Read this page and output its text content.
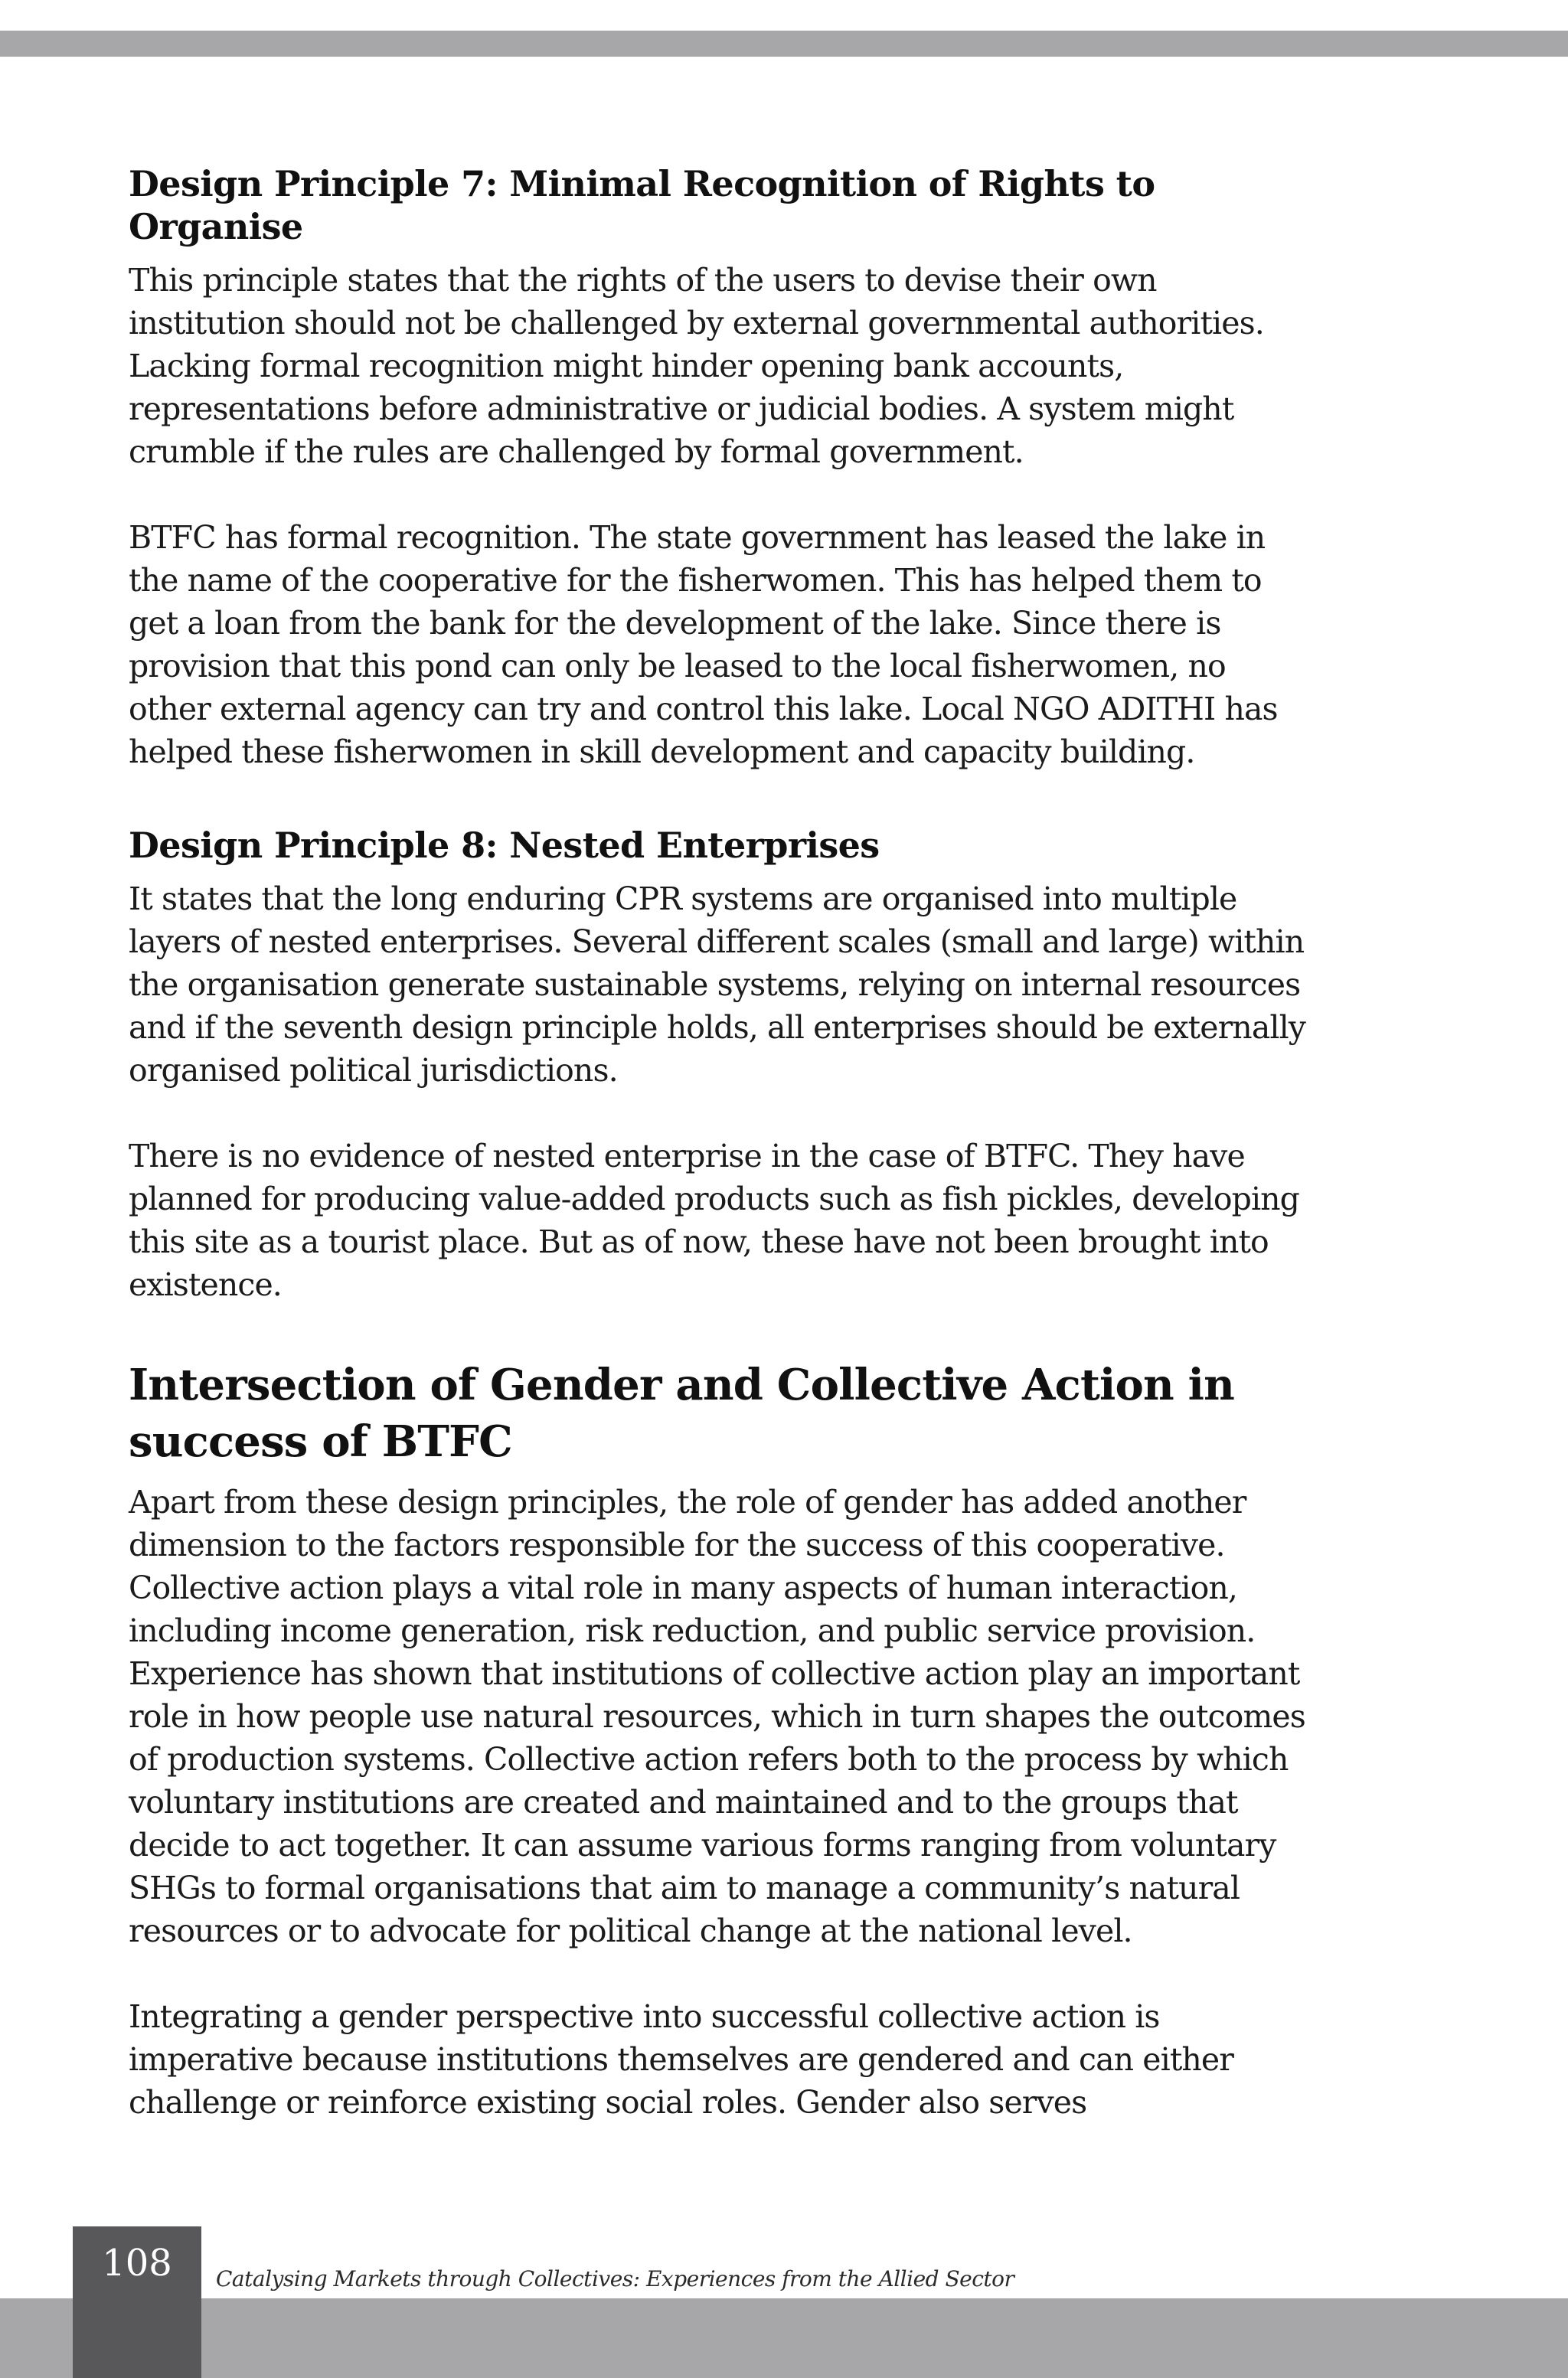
Design Principle 7: Minimal Recognition of Rights to Organise

This principle states that the rights of the users to devise their own institution should not be challenged by external governmental authorities. Lacking formal recognition might hinder opening bank accounts, representations before administrative or judicial bodies. A system might crumble if the rules are challenged by formal government.

BTFC has formal recognition. The state government has leased the lake in the name of the cooperative for the fisherwomen. This has helped them to get a loan from the bank for the development of the lake. Since there is provision that this pond can only be leased to the local fisherwomen, no other external agency can try and control this lake. Local NGO ADITHI has helped these fisherwomen in skill development and capacity building.

Design Principle 8: Nested Enterprises

It states that the long enduring CPR systems are organised into multiple layers of nested enterprises. Several different scales (small and large) within the organisation generate sustainable systems, relying on internal resources and if the seventh design principle holds, all enterprises should be externally organised political jurisdictions.

There is no evidence of nested enterprise in the case of BTFC. They have planned for producing value-added products such as fish pickles, developing this site as a tourist place. But as of now, these have not been brought into existence.

Intersection of Gender and Collective Action in success of BTFC

Apart from these design principles, the role of gender has added another dimension to the factors responsible for the success of this cooperative. Collective action plays a vital role in many aspects of human interaction, including income generation, risk reduction, and public service provision. Experience has shown that institutions of collective action play an important role in how people use natural resources, which in turn shapes the outcomes of production systems. Collective action refers both to the process by which voluntary institutions are created and maintained and to the groups that decide to act together. It can assume various forms ranging from voluntary SHGs to formal organisations that aim to manage a community’s natural resources or to advocate for political change at the national level.

Integrating a gender perspective into successful collective action is imperative because institutions themselves are gendered and can either challenge or reinforce existing social roles. Gender also serves

108	Catalysing Markets through Collectives: Experiences from the Allied Sector
